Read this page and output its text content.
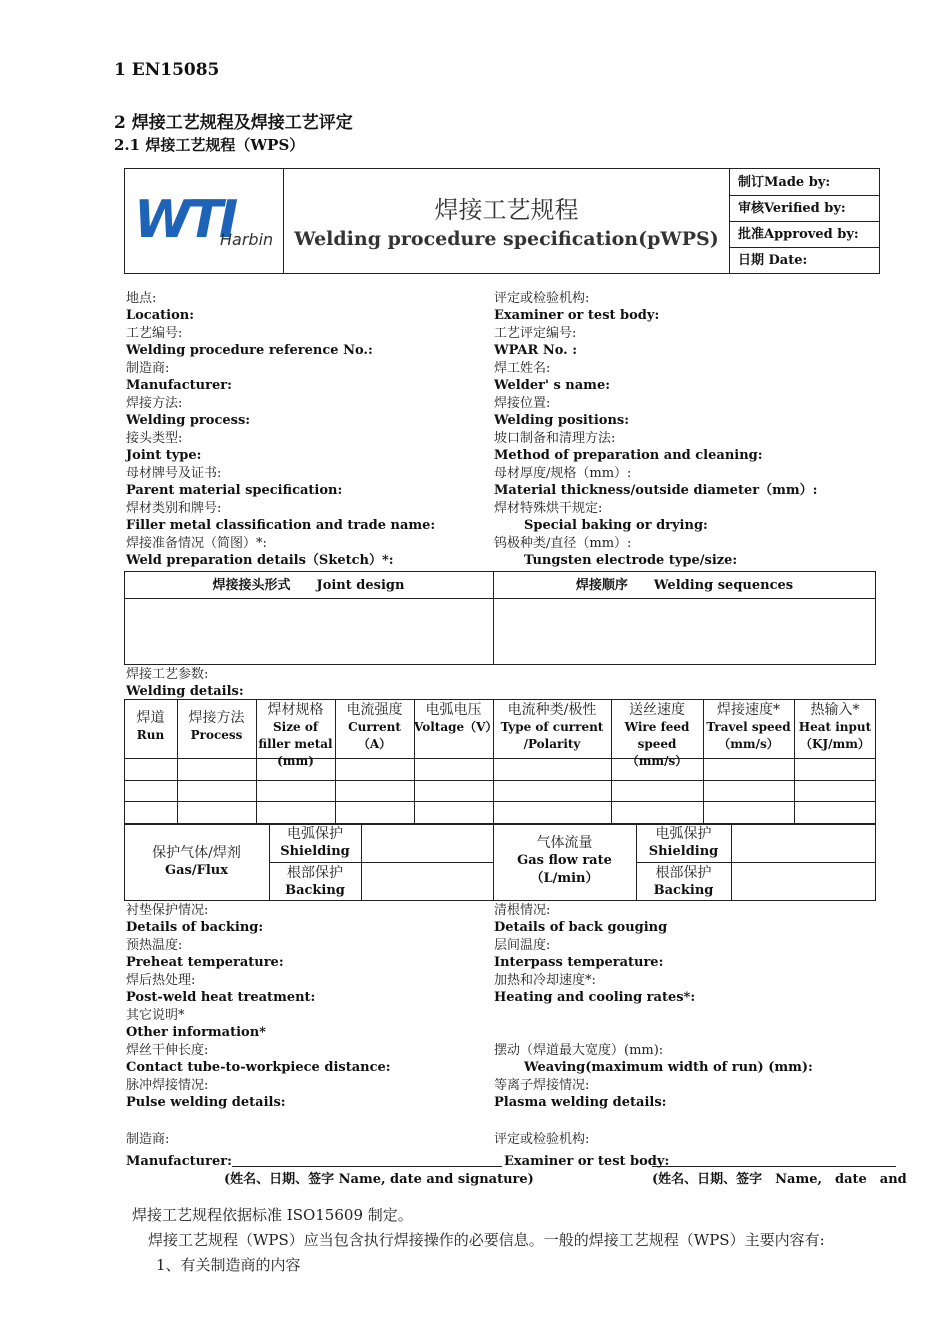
1 EN15085
2 焊接工艺规程及焊接工艺评定
2.1 焊接工艺规程（WPS）
WTI
Harbin
焊接工艺规程
Welding procedure specification(pWPS)
制订Made by:
审核Verified by:
批准Approved by:
日期 Date:
地点:
Location:
工艺编号:
Welding procedure reference No.:
制造商:
Manufacturer:
焊接方法:
Welding process:
接头类型:
Joint type:
母材牌号及证书:
Parent material specification:
焊材类别和牌号:
Filler metal classification and trade name:
焊接准备情况（简图）*:
Weld preparation details（Sketch）*:
评定或检验机构:
Examiner or test body:
工艺评定编号:
WPAR No. :
焊工姓名:
Welder' s name:
焊接位置:
Welding positions:
坡口制备和清理方法:
Method of preparation and cleaning:
母材厚度/规格（mm）:
Material thickness/outside diameter（mm）:
焊材特殊烘干规定:
Special baking or drying:
钨极种类/直径（mm）:
Tungsten electrode type/size:
焊接接头形式　　Joint design	焊接顺序　　Welding sequences
焊接工艺参数:
Welding details:
保护气体/焊剂
Gas/Flux
电弧保护
Shielding
根部保护
Backing
气体流量
Gas flow rate
（L/min）
电弧保护
Shielding
根部保护
Backing
衬垫保护情况:
Details of backing:
预热温度:
Preheat temperature:
焊后热处理:
Post-weld heat treatment:
其它说明*
Other information*
焊丝干伸长度:
Contact tube-to-workpiece distance:
脉冲焊接情况:
Pulse welding details:
清根情况:
Details of back gouging
层间温度:
Interpass temperature:
加热和冷却速度*:
Heating and cooling rates*:
摆动（焊道最大宽度）(mm):
Weaving(maximum width of run) (mm):
等离子焊接情况:
Plasma welding details:
制造商:
Manufacturer:
(姓名、日期、签字 Name, date and signature)
评定或检验机构:
Examiner or test body:
(姓名、日期、签字　Name,　date　and
焊道
Run
焊接方法
Process
焊材规格
Size of filler metal (mm)
电流强度
Current（A）
电弧电压
Voltage（V）
电流种类/极性
Type of current /Polarity
送丝速度
Wire feed speed（mm/s）
焊接速度*
Travel speed（mm/s）
热输入*
Heat input（KJ/mm）
焊接工艺规程依据标准 ISO15609 制定。
焊接工艺规程（WPS）应当包含执行焊接操作的必要信息。一般的焊接工艺规程（WPS）主要内容有:
1、有关制造商的内容
